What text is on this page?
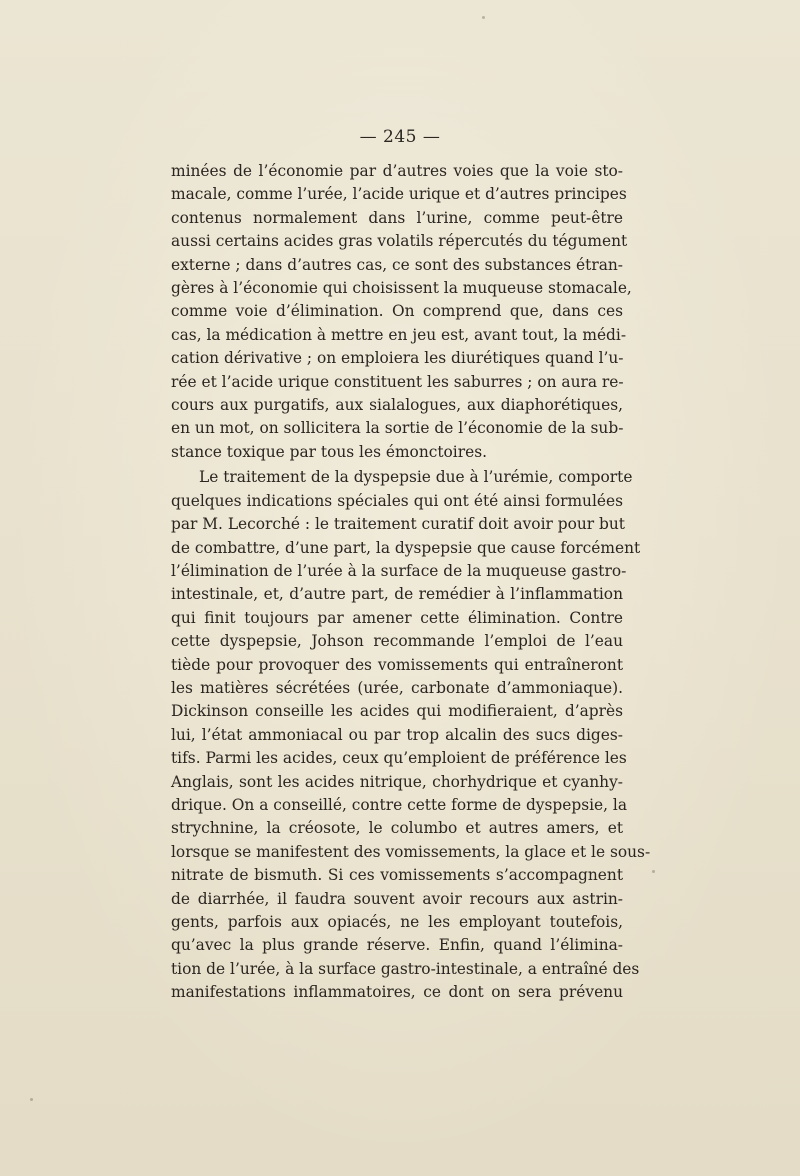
— 245 —
minées de l’économie par d’autres voies que la voie sto-
macale, comme l’urée, l’acide urique et d’autres principes
contenus normalement dans l’urine, comme peut-être
aussi certains acides gras volatils répercutés du tégument
externe ; dans d’autres cas, ce sont des substances étran-
gères à l’économie qui choisissent la muqueuse stomacale,
comme voie d’élimination. On comprend que, dans ces
cas, la médication à mettre en jeu est, avant tout, la médi-
cation dérivative ; on emploiera les diurétiques quand l’u-
rée et l’acide urique constituent les saburres ; on aura re-
cours aux purgatifs, aux sialalogues, aux diaphorétiques,
en un mot, on sollicitera la sortie de l’économie de la sub-
stance toxique par tous les émonctoires.
Le traitement de la dyspepsie due à l’urémie, comporte
quelques indications spéciales qui ont été ainsi formulées
par M. Lecorché : le traitement curatif doit avoir pour but
de combattre, d’une part, la dyspepsie que cause forcément
l’élimination de l’urée à la surface de la muqueuse gastro-
intestinale, et, d’autre part, de remédier à l’inflammation
qui finit toujours par amener cette élimination. Contre
cette dyspepsie, Johson recommande l’emploi de l’eau
tiède pour provoquer des vomissements qui entraîneront
les matières sécrétées (urée, carbonate d’ammoniaque).
Dickinson conseille les acides qui modifieraient, d’après
lui, l’état ammoniacal ou par trop alcalin des sucs diges-
tifs. Parmi les acides, ceux qu’emploient de préférence les
Anglais, sont les acides nitrique, chorhydrique et cyanhy-
drique. On a conseillé, contre cette forme de dyspepsie, la
strychnine, la créosote, le columbo et autres amers, et
lorsque se manifestent des vomissements, la glace et le sous-
nitrate de bismuth. Si ces vomissements s’accompagnent
de diarrhée, il faudra souvent avoir recours aux astrin-
gents, parfois aux opiacés, ne les employant toutefois,
qu’avec la plus grande réserve. Enfin, quand l’élimina-
tion de l’urée, à la surface gastro-intestinale, a entraîné des
manifestations inflammatoires, ce dont on sera prévenu
